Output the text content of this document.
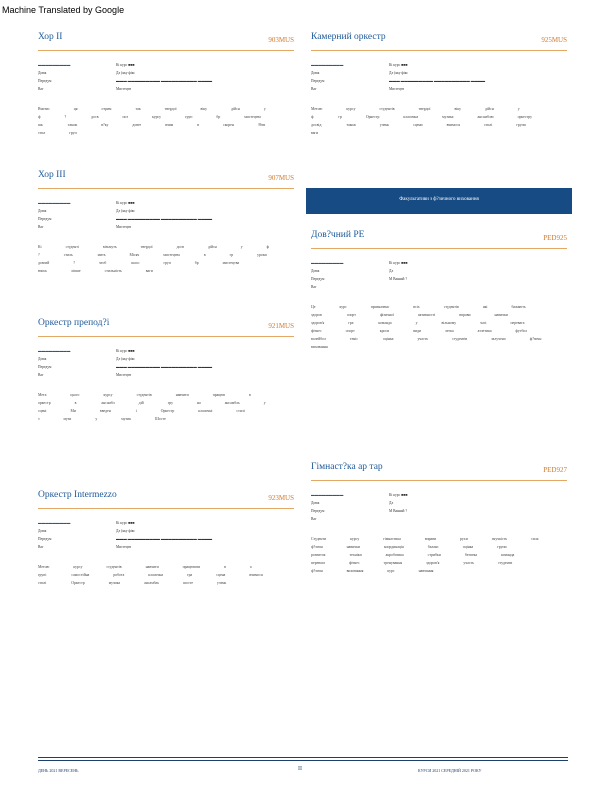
Machine Translated by Google
Хор II	903MUS
▬▬▬▬▬▬▬▬▬	Кі курс ■■■
Довж	Дл (яку фікс
Передум	▬▬▬ ▬▬▬▬▬▬▬▬▬ ▬▬▬▬▬▬▬▬▬▬ ▬▬▬▬
Ваг	Мистецтв
Вчитис	ця	отрим	так	твердої	віку	дійсн	уф	?	досв	поз	курсу	груп	бр	мистецтвашк	також	в?ку	довге	вчим	в	скорен	?йтистил	груп
Хор III	907MUS
▬▬▬▬▬▬▬▬▬	Кі курс ■■■
Довж	Дл (яку фікс
Передум	▬▬▬ ▬▬▬▬▬▬▬▬▬ ▬▬▬▬▬▬▬▬▬▬ ▬▬▬▬
Ваг	Мистецтв
Кі	студенті	візьмуть	твердої	досв	дійсн	у	ф?	стиль	мить	Місяч	мистецтва	в	гр	урокидовгий	?	чтоб	шасо	груп	бр	мистецтвавчись	ліпше	стильність	ваги
Оркестр препод?і	921MUS
▬▬▬▬▬▬▬▬▬	Кі курс ■■■
Довж	Дл (яку фікс
Передум	▬▬▬ ▬▬▬▬▬▬▬▬▬ ▬▬▬▬▬▬▬▬▬▬ ▬▬▬▬
Ваг	Мистецтв
Мета	цього	курсу	студентів	навчити	працюв	воркестр	в	ансамбл	дій	гру	на	ансамбль	усцені	Ми	введен	і	Оркестр	класичні	стиліз	музи	у	музик	Шосте
Оркестр Intermezzo	923MUS
▬▬▬▬▬▬▬▬▬	Кі курс ■■■
Довж	Дл (яку фікс
Передум	▬▬▬ ▬▬▬▬▬▬▬▬▬ ▬▬▬▬▬▬▬▬▬▬ ▬▬▬▬
Ваг	Мистецтв
Метою	курсу	студентів	навчити	працювати	в	агрупі	самостійна	робота	класична	гра	сцена	вчимосястилі	Оркестр	музика	ансамбль	шосте	учень
Камерний оркестр	925MUS
▬▬▬▬▬▬▬▬▬	Кі курс ■■■
Довж	Дл (яку фікс
Передум	▬▬▬ ▬▬▬▬▬▬▬▬▬ ▬▬▬▬▬▬▬▬▬▬ ▬▬▬▬
Ваг	Мистецтв
Метою	курсу	студентів	твердої	віку	дійсн	уф	гр	Оркестр	класична	музика	ансамблю	оркеструдосвід	також	учень	сцени	вчимося	стилі	групиваги
Дов?чний РЕ	PED925
▬▬▬▬▬▬▬▬▬	Кі курс ■■■
Довж	Дл
Передум	М Ваннай ?
Ваг
Це	курс	призначено	всіх	студентів	які	бажаютьздоров	спорт	фізичної	активності	вправи	навичкиздоров'я	гра	команда	у	вільному	часі	перевагафітнес	спорт	кроси	види	легка	атлетика	футболволейбол	теніс	оцінка	участь	студентів	залучено	ф?зичнвиховання
Гімнаст?ка ар тар	PED927
▬▬▬▬▬▬▬▬▬	Кі курс ■■■
Довж	Дл
Передум	М Ваннай ?
Ваг
Студенти	курсу	гімнастика	вправи	рухи	гнучкість	сила ф?зичн	навички	координація	баланс	оцінка	групи розвиток	техніки	акробатика	стрибки	безпека	команда перевага	фітнес	тренування	здоров'я	участь	студенти ф?зичн	виховання	курс	навчання
Факультативи з ф?зичного виховання
ДЕНЬ 2021 ВЕРЕСЕНЬ	II	КУРСИ 2021 СЕРЕДНІЙ 2021 РОКУ
